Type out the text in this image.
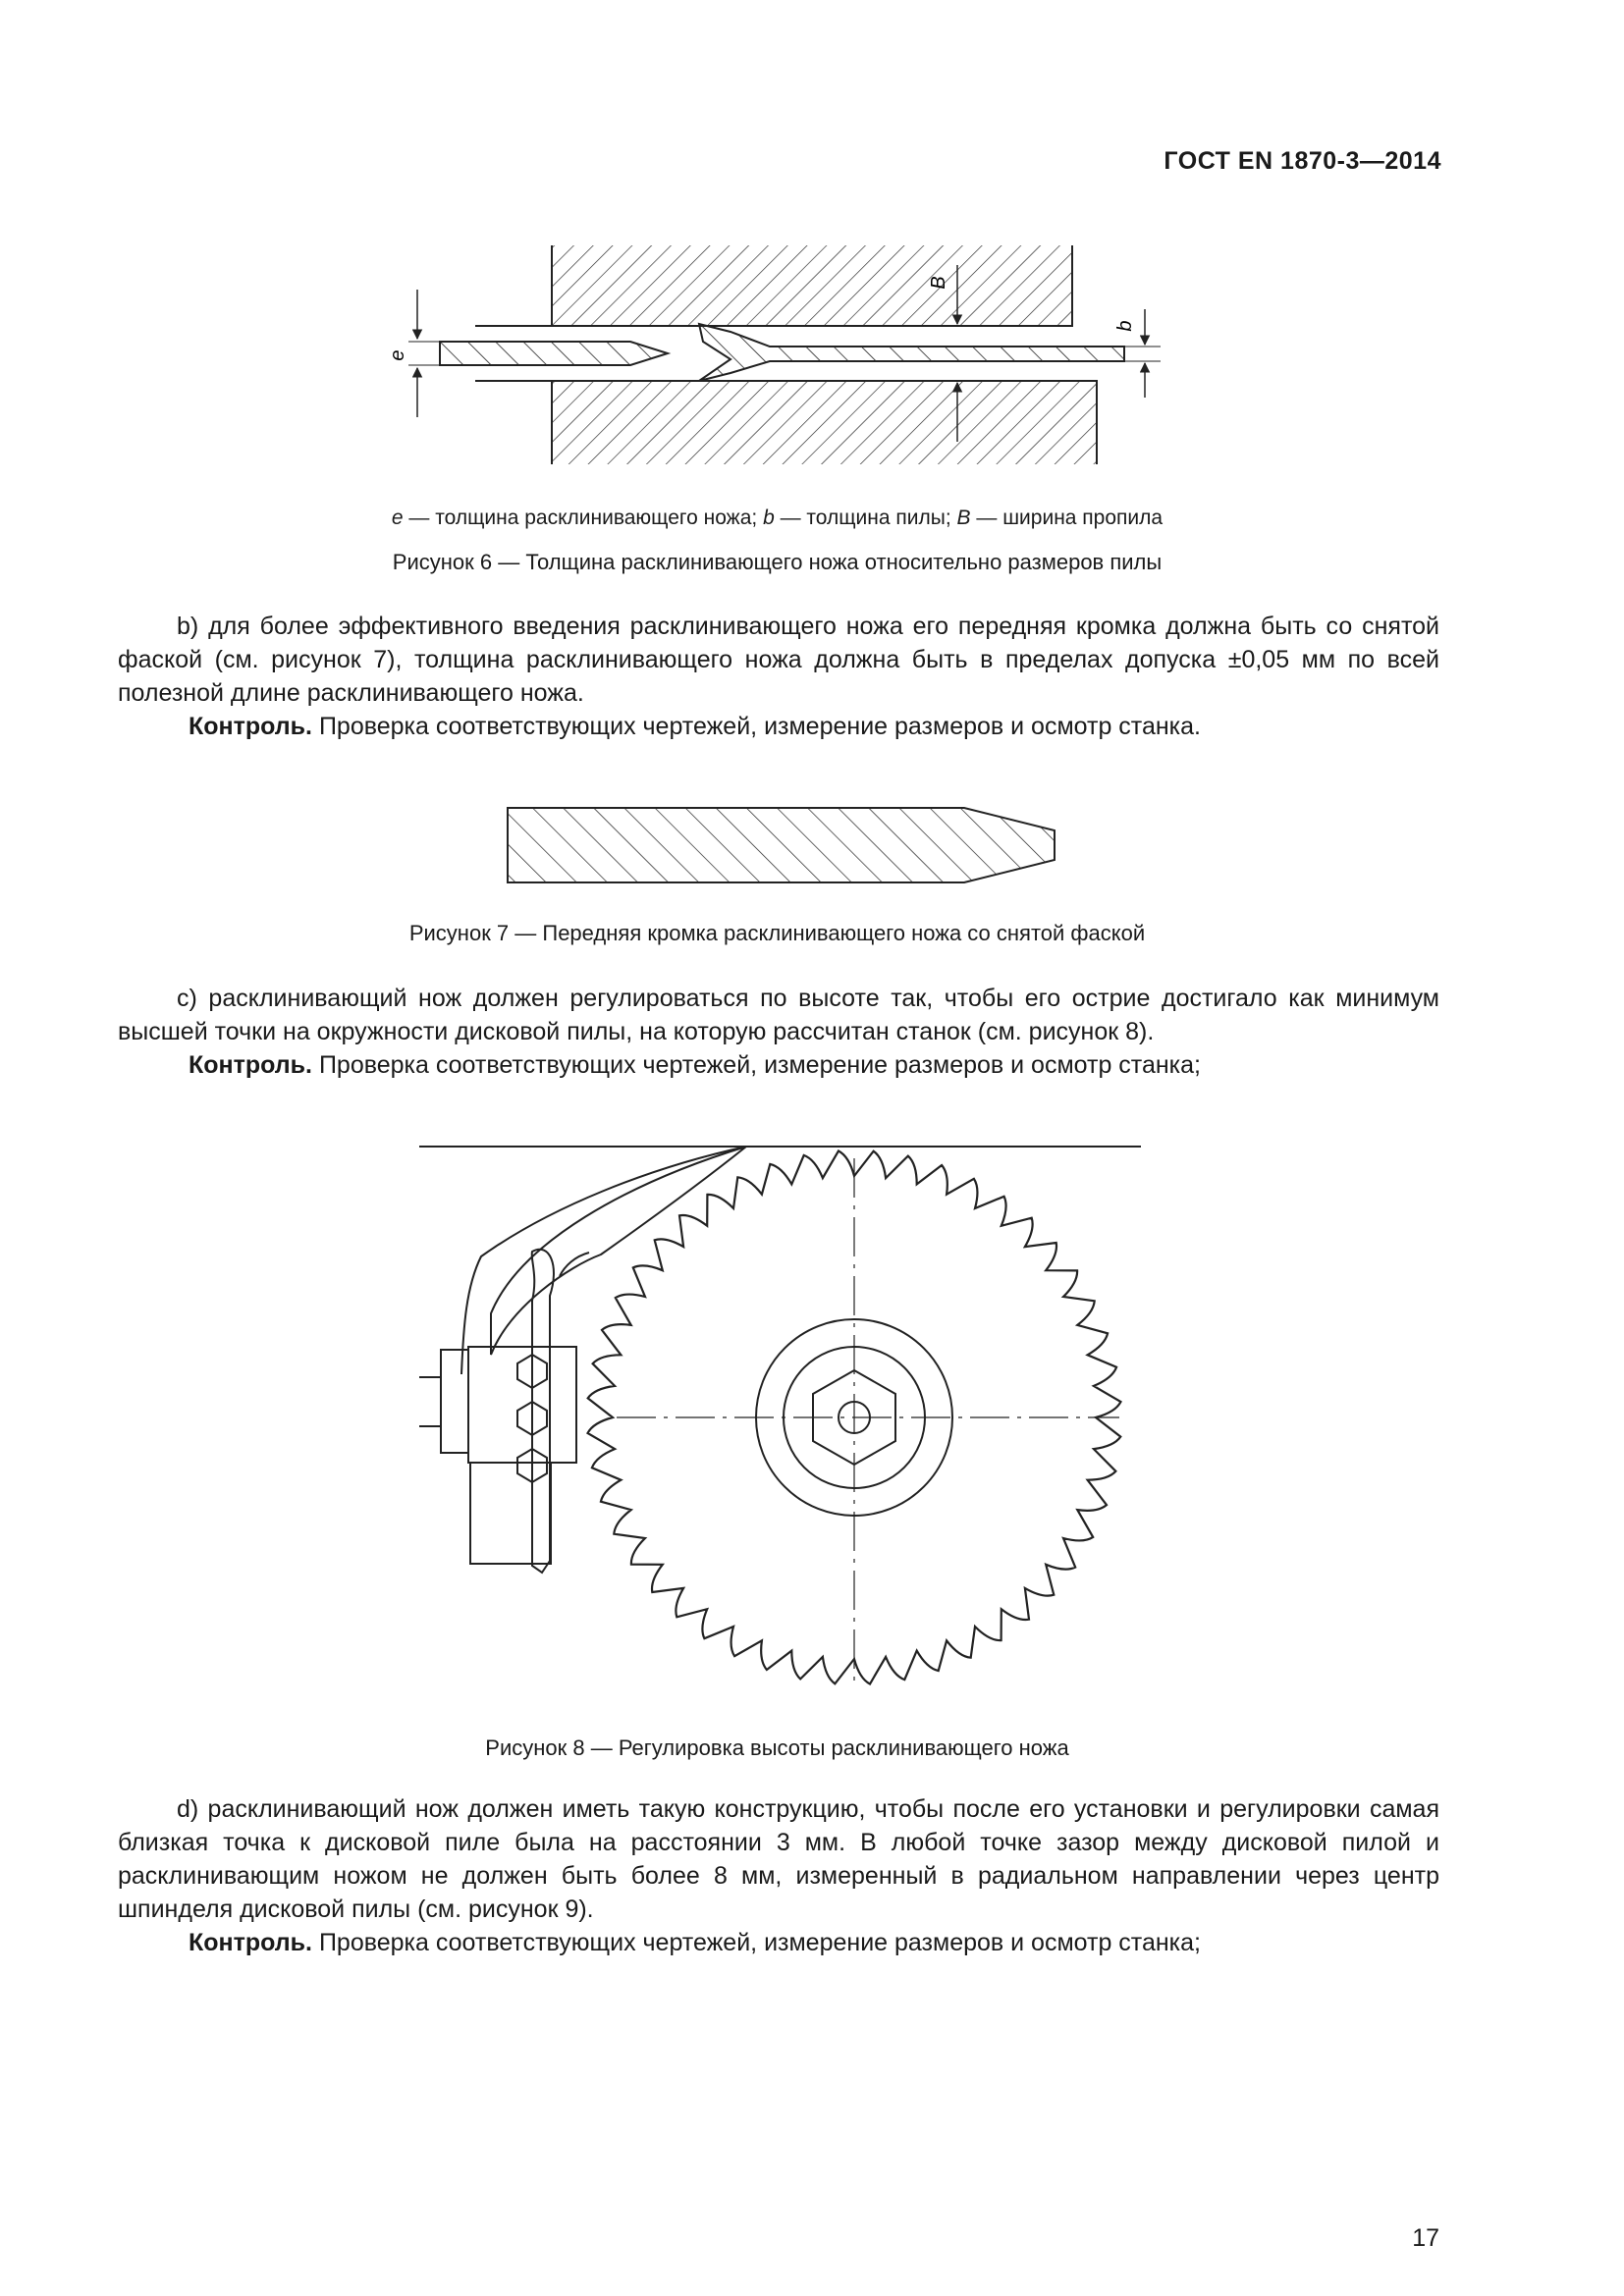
ГОСТ EN 1870-3—2014
e
B
b
e — толщина расклинивающего ножа; b — толщина пилы; B — ширина пропила
Рисунок 6 — Толщина расклинивающего ножа относительно размеров пилы

b) для более эффективного введения расклинивающего ножа его передняя кромка должна быть со снятой фаской (см. рисунок 7), толщина расклинивающего ножа должна быть в пределах допуска ±0,05 мм по всей полезной длине расклинивающего ножа.

Контроль. Проверка соответствующих чертежей, измерение размеров и осмотр станка.

Рисунок 7 — Передняя кромка расклинивающего ножа со снятой фаской

c) расклинивающий нож должен регулироваться по высоте так, чтобы его острие достигало как минимум высшей точки на окружности дисковой пилы, на которую рассчитан станок (см. рисунок 8).

Контроль. Проверка соответствующих чертежей, измерение размеров и осмотр станка;

Рисунок 8 — Регулировка высоты расклинивающего ножа

d) расклинивающий нож должен иметь такую конструкцию, чтобы после его установки и регулировки самая близкая точка к дисковой пиле была на расстоянии 3 мм. В любой точке зазор между дисковой пилой и расклинивающим ножом не должен быть более 8 мм, измеренный в радиальном направлении через центр шпинделя дисковой пилы (см. рисунок 9).

Контроль. Проверка соответствующих чертежей, измерение размеров и осмотр станка;

17
